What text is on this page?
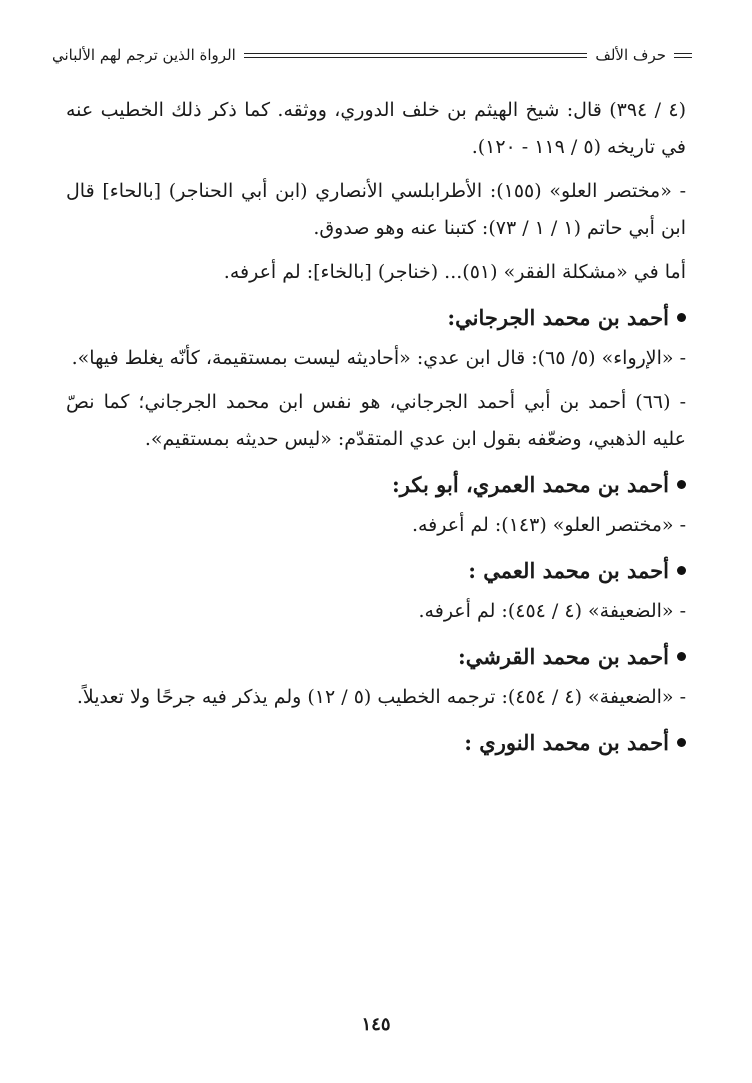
حرف الألف
الرواة الذين ترجم لهم الألباني

(٤ / ٣٩٤) قال: شيخ الهيثم بن خلف الدوري، ووثقه. كما ذكر ذلك الخطيب عنه في تاريخه (٥ / ١١٩ - ١٢٠).

- «مختصر العلو» (١٥٥): الأطرابلسي الأنصاري (ابن أبي الحناجر) [بالحاء] قال ابن أبي حاتم (١ / ١ / ٧٣): كتبنا عنه وهو صدوق.

أما في «مشكلة الفقر» (٥١)... (خناجر) [بالخاء]: لم أعرفه.

أحمد بن محمد الجرجاني:

- «الإرواء» (٥/ ٦٥): قال ابن عدي: «أحاديثه ليست بمستقيمة، كأنّه يغلط فيها».

- (٦٦) أحمد بن أبي أحمد الجرجاني، هو نفس ابن محمد الجرجاني؛ كما نصّ عليه الذهبي، وضعّفه بقول ابن عدي المتقدّم: «ليس حديثه بمستقيم».

أحمد بن محمد العمري، أبو بكر:

- «مختصر العلو» (١٤٣): لم أعرفه.

أحمد بن محمد العمي :

- «الضعيفة» (٤ / ٤٥٤): لم أعرفه.

أحمد بن محمد القرشي:

- «الضعيفة» (٤ / ٤٥٤): ترجمه الخطيب (٥ / ١٢) ولم يذكر فيه جرحًا ولا تعديلاً.

أحمد بن محمد النوري :
١٤٥
